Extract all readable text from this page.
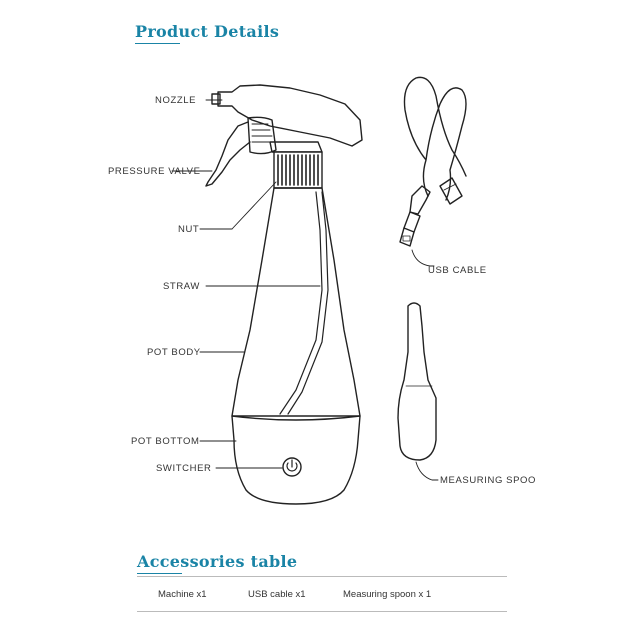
Product Details
NOZZLE
PRESSURE VALVE
NUT
STRAW
POT BODY
POT BOTTOM
SWITCHER
USB CABLE
MEASURING SPOO
Accessories table
Machine x1	USB cable x1	Measuring spoon x 1
